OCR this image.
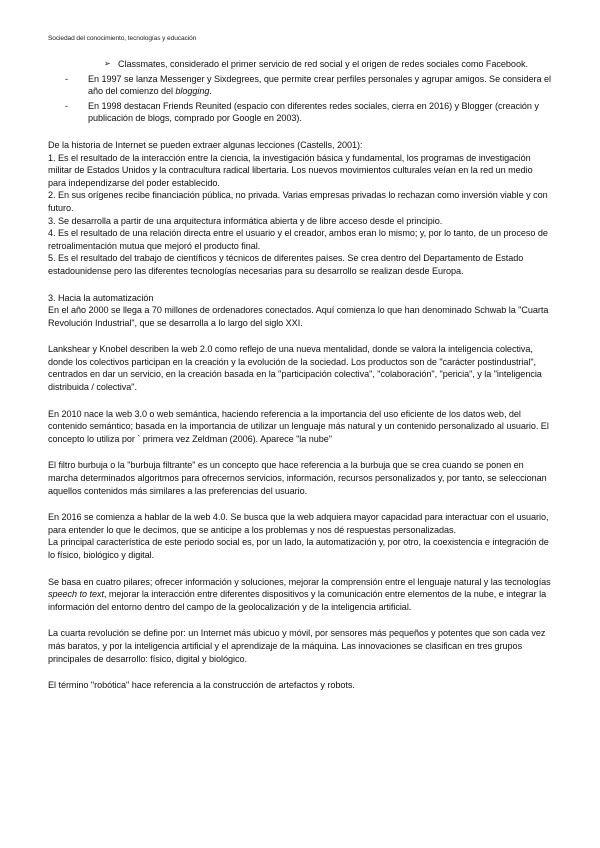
Sociedad del conocimiento, tecnologías y educación
➢ Classmates, considerado el primer servicio de red social y el origen de redes sociales como Facebook.
-	En 1997 se lanza Messenger y Sixdegrees, que permite crear perfiles personales y agrupar amigos. Se considera el año del comienzo del blogging.
-	En 1998 destacan Friends Reunited (espacio con diferentes redes sociales, cierra en 2016) y Blogger (creación y publicación de blogs, comprado por Google en 2003).

De la historia de Internet se pueden extraer algunas lecciones (Castells, 2001):

1. Es el resultado de la interacción entre la ciencia, la investigación básica y fundamental, los programas de investigación militar de Estados Unidos y la contracultura radical libertaria. Los nuevos movimientos culturales veían en la red un medio para independizarse del poder establecido.

2. En sus orígenes recibe financiación pública, no privada. Varias empresas privadas lo rechazan como inversión viable y con futuro.

3. Se desarrolla a partir de una arquitectura informática abierta y de libre acceso desde el principio.

4. Es el resultado de una relación directa entre el usuario y el creador, ambos eran lo mismo; y, por lo tanto, de un proceso de retroalimentación mutua que mejoró el producto final.

5. Es el resultado del trabajo de científicos y técnicos de diferentes países. Se crea dentro del Departamento de Estado estadounidense pero las diferentes tecnologías necesarias para su desarrollo se realizan desde Europa.

3. Hacia la automatización

En el año 2000 se llega a 70 millones de ordenadores conectados. Aquí comienza lo que han denominado Schwab la "Cuarta Revolución Industrial", que se desarrolla a lo largo del siglo XXI.

Lankshear y Knobel describen la web 2.0 como reflejo de una nueva mentalidad, donde se valora la inteligencia colectiva, donde los colectivos participan en la creación y la evolución de la sociedad. Los productos son de "carácter postindustrial", centrados en dar un servicio, en la creación basada en la "participación colectiva", "colaboración", "pericia", y la "inteligencia distribuida / colectiva".

En 2010 nace la web 3.0 o web semántica, haciendo referencia a la importancia del uso eficiente de los datos web, del contenido semántico; basada en la importancia de utilizar un lenguaje más natural y un contenido personalizado al usuario. El concepto lo utiliza por ` primera vez Zeldman (2006). Aparece "la nube"

El filtro burbuja o la "burbuja filtrante" es un concepto que hace referencia a la burbuja que se crea cuando se ponen en marcha determinados algoritmos para ofrecernos servicios, información, recursos personalizados y, por tanto, se seleccionan aquellos contenidos más similares a las preferencias del usuario.

En 2016 se comienza a hablar de la web 4.0. Se busca que la web adquiera mayor capacidad para interactuar con el usuario, para entender lo que le decimos, que se anticipe a los problemas y nos dé respuestas personalizadas.

La principal característica de este periodo social es, por un lado, la automatización y, por otro, la coexistencia e integración de lo físico, biológico y digital.

Se basa en cuatro pilares; ofrecer información y soluciones, mejorar la comprensión entre el lenguaje natural y las tecnologías speech to text, mejorar la interacción entre diferentes dispositivos y la comunicación entre elementos de la nube, e integrar la información del entorno dentro del campo de la geolocalización y de la inteligencia artificial.

La cuarta revolución se define por: un Internet más ubicuo y móvil, por sensores más pequeños y potentes que son cada vez más baratos, y por la inteligencia artificial y el aprendizaje de la máquina. Las innovaciones se clasifican en tres grupos principales de desarrollo: físico, digital y biológico.

El término "robótica" hace referencia a la construcción de artefactos y robots.
